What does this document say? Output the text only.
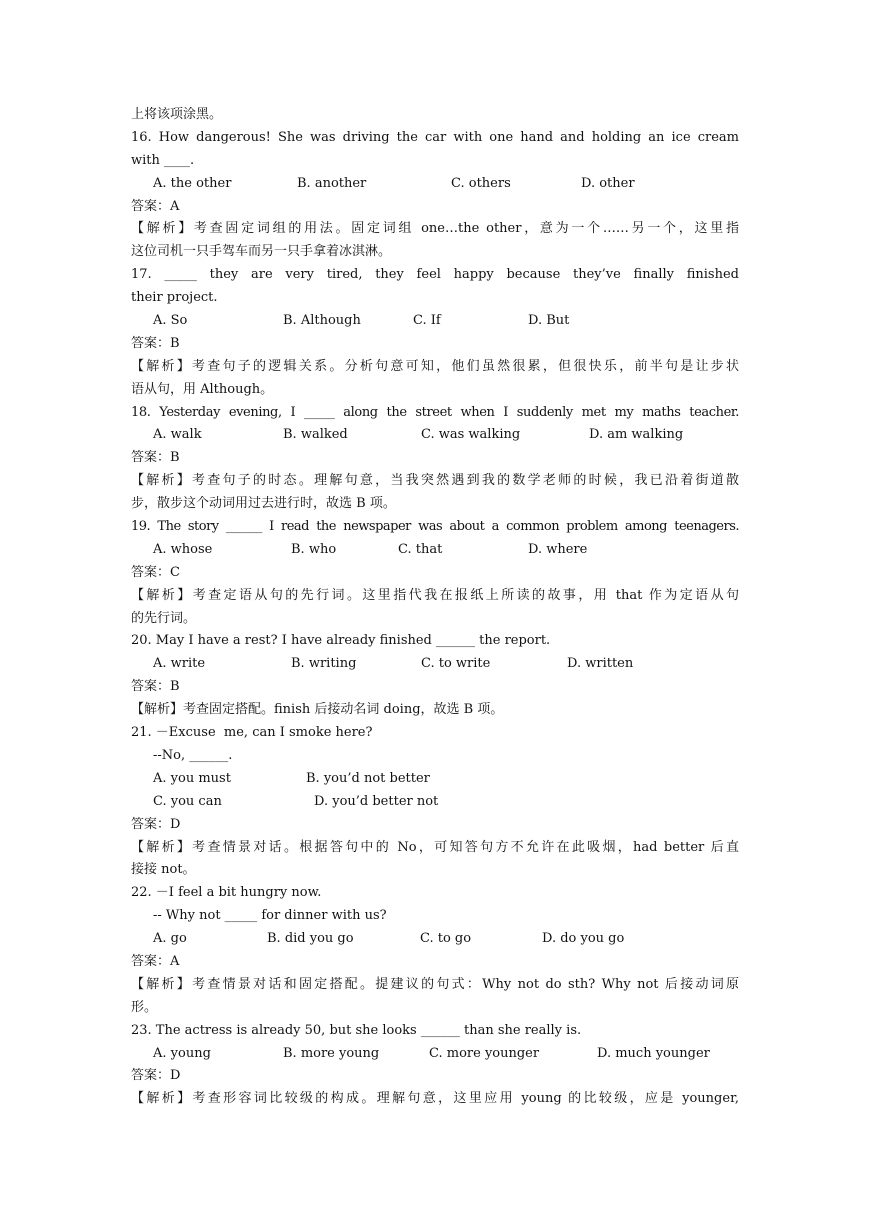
上将该项涂黑。
16. How dangerous! She was driving the car with one hand and holding an ice cream
with ____.
A. the other	B. another	C. others	D. other
答案：A
【解析】考查固定词组的用法。固定词组 one…the other，意为一个……另一个，这里指
这位司机一只手驾车而另一只手拿着冰淇淋。
17. _____ they are very tired, they feel happy because they’ve finally finished
their project.
A. So	B. Although	C. If	D. But
答案：B
【解析】考查句子的逻辑关系。分析句意可知，他们虽然很累，但很快乐，前半句是让步状
语从句，用 Although。
18. Yesterday evening, I _____ along the street when I suddenly met my maths teacher.
A. walk	B. walked	C. was walking	D. am walking
答案：B
【解析】考查句子的时态。理解句意，当我突然遇到我的数学老师的时候，我已沿着街道散
步，散步这个动词用过去进行时，故选 B 项。
19. The story ______ I read the newspaper was about a common problem among teenagers.
A. whose	B. who	C. that	D. where
答案：C
【解析】考查定语从句的先行词。这里指代我在报纸上所读的故事，用 that 作为定语从句
的先行词。
20. May I have a rest? I have already finished ______ the report.
A. write	B. writing	C. to write	D. written
答案：B
【解析】考查固定搭配。finish 后接动名词 doing，故选 B 项。
21. －Excuse  me, can I smoke here?
--No, ______.
A. you must	B. you’d not better
C. you can	D. you’d better not
答案：D
【解析】考查情景对话。根据答句中的 No，可知答句方不允许在此吸烟，had better 后直
接接 not。
22. －I feel a bit hungry now.
-- Why not _____ for dinner with us?
A. go	B. did you go	C. to go	D. do you go
答案：A
【解析】考查情景对话和固定搭配。提建议的句式：Why not do sth? Why not 后接动词原
形。
23. The actress is already 50, but she looks ______ than she really is.
A. young	B. more young	C. more younger	D. much younger
答案：D
【解析】考查形容词比较级的构成。理解句意，这里应用 young 的比较级，应是 younger,
